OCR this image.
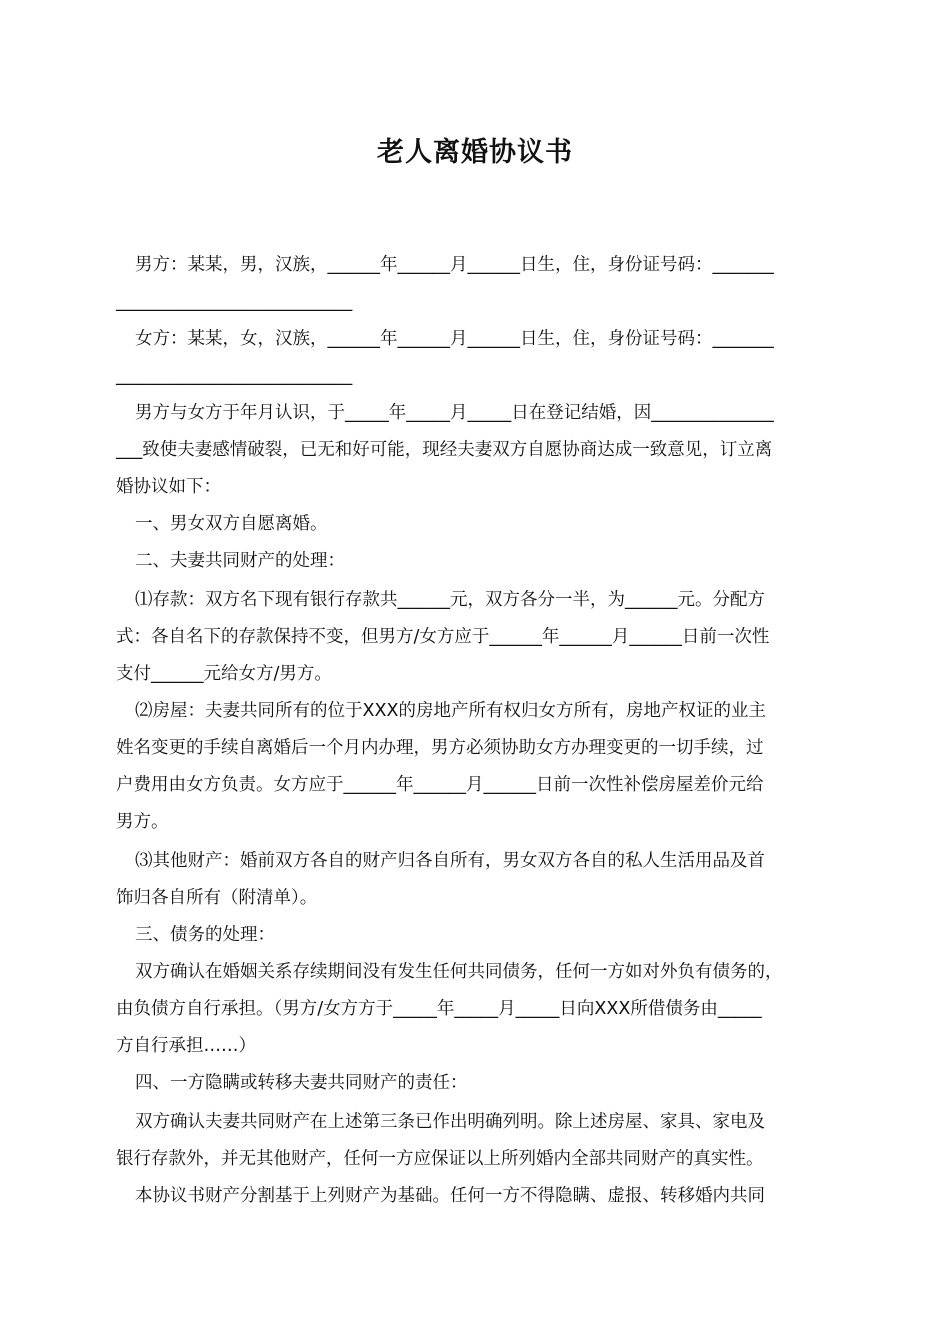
老人离婚协议书
男方：某某，男，汉族，______年______月______日生，住，身份证号码：_______
___________________________
女方：某某，女，汉族，______年______月______日生，住，身份证号码：_______
___________________________
男方与女方于年月认识，于_____年_____月_____日在登记结婚，因______________
___致使夫妻感情破裂，已无和好可能，现经夫妻双方自愿协商达成一致意见，订立离
婚协议如下：
一、男女双方自愿离婚。
二、夫妻共同财产的处理：
⑴存款：双方名下现有银行存款共______元，双方各分一半，为______元。分配方
式：各自名下的存款保持不变，但男方/女方应于______年______月______日前一次性
支付______元给女方/男方。
⑵房屋：夫妻共同所有的位于XXX的房地产所有权归女方所有，房地产权证的业主
姓名变更的手续自离婚后一个月内办理，男方必须协助女方办理变更的一切手续，过
户费用由女方负责。女方应于______年______月______日前一次性补偿房屋差价元给
男方。
⑶其他财产：婚前双方各自的财产归各自所有，男女双方各自的私人生活用品及首
饰归各自所有（附清单）。
三、债务的处理：
双方确认在婚姻关系存续期间没有发生任何共同债务，任何一方如对外负有债务的，
由负债方自行承担。（男方/女方方于_____年_____月_____日向XXX所借债务由_____
方自行承担……）
四、一方隐瞒或转移夫妻共同财产的责任：
双方确认夫妻共同财产在上述第三条已作出明确列明。除上述房屋、家具、家电及
银行存款外，并无其他财产，任何一方应保证以上所列婚内全部共同财产的真实性。
本协议书财产分割基于上列财产为基础。任何一方不得隐瞒、虚报、转移婚内共同
